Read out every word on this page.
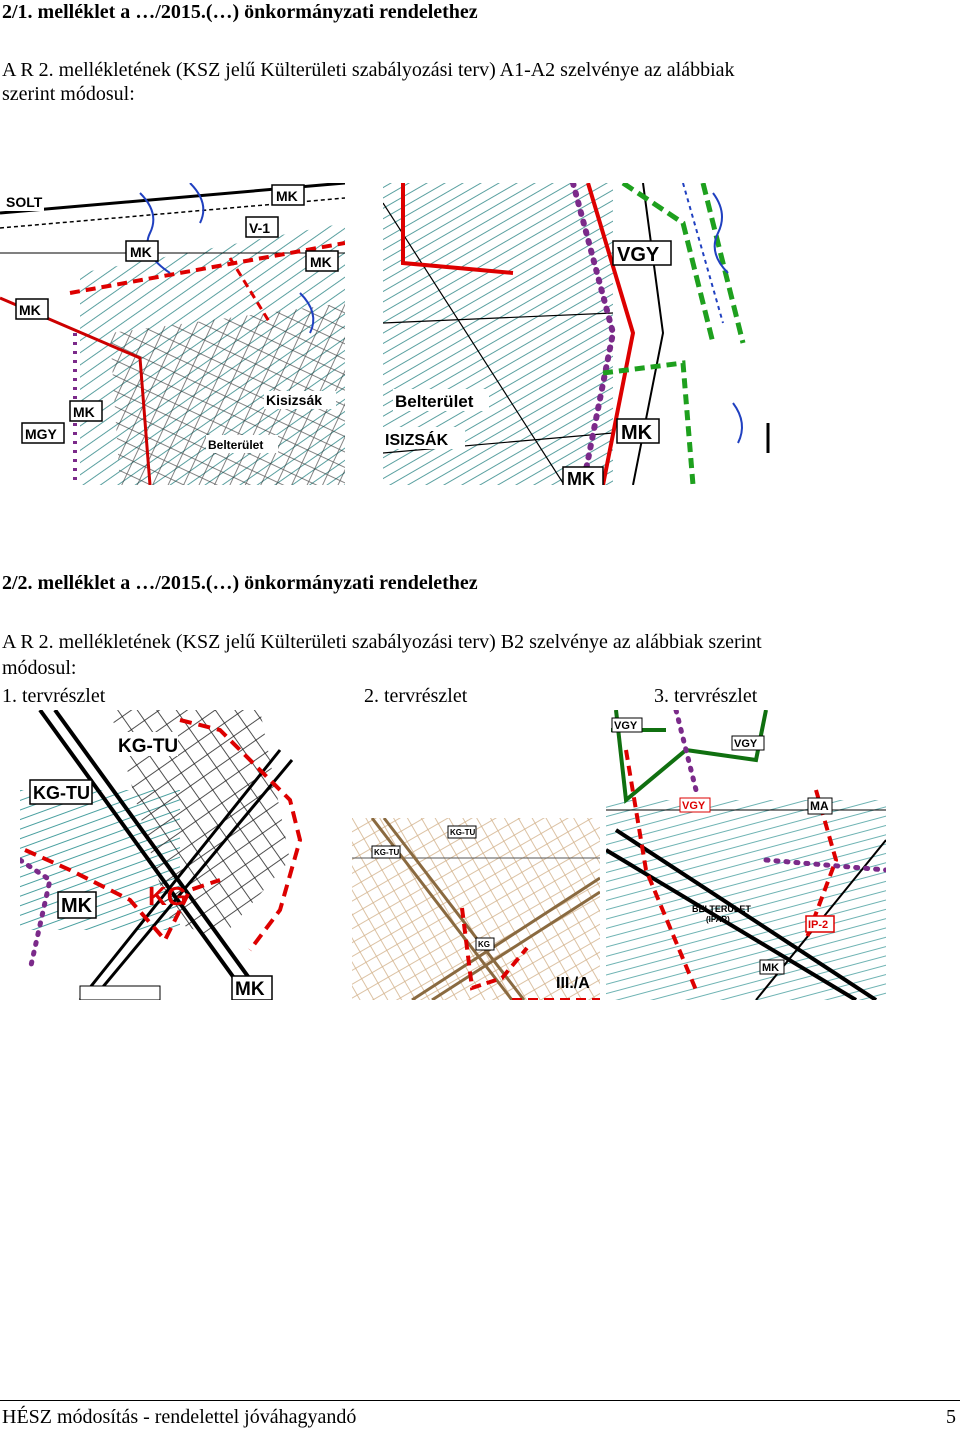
2/1. melléklet a …/2015.(…) önkormányzati rendelethez
A R 2. mellékletének (KSZ jelű Külterületi szabályozási terv) A1-A2 szelvénye az alábbiak
szerint módosul:
SOLT	MK
MK
V-1
MK
MK
MK
MGY
Kisizsák
Belterület
VGY
Belterület
ISIZSÁK	MK
MK
2/2. melléklet a …/2015.(…) önkormányzati rendelethez
A R 2. mellékletének (KSZ jelű Külterületi szabályozási terv) B2 szelvénye az alábbiak szerint
módosul:
1. tervrészlet	2. tervrészlet	3. tervrészlet
KG-TU
KG-TU
KG
MK
MK
KG-TU
KG-TU
KG
III./A
VGY
VGY
VGY	MA
BELTERÜLET
(IPAR)	IP-2
MK
HÉSZ módosítás - rendelettel jóváhagyandó	5
